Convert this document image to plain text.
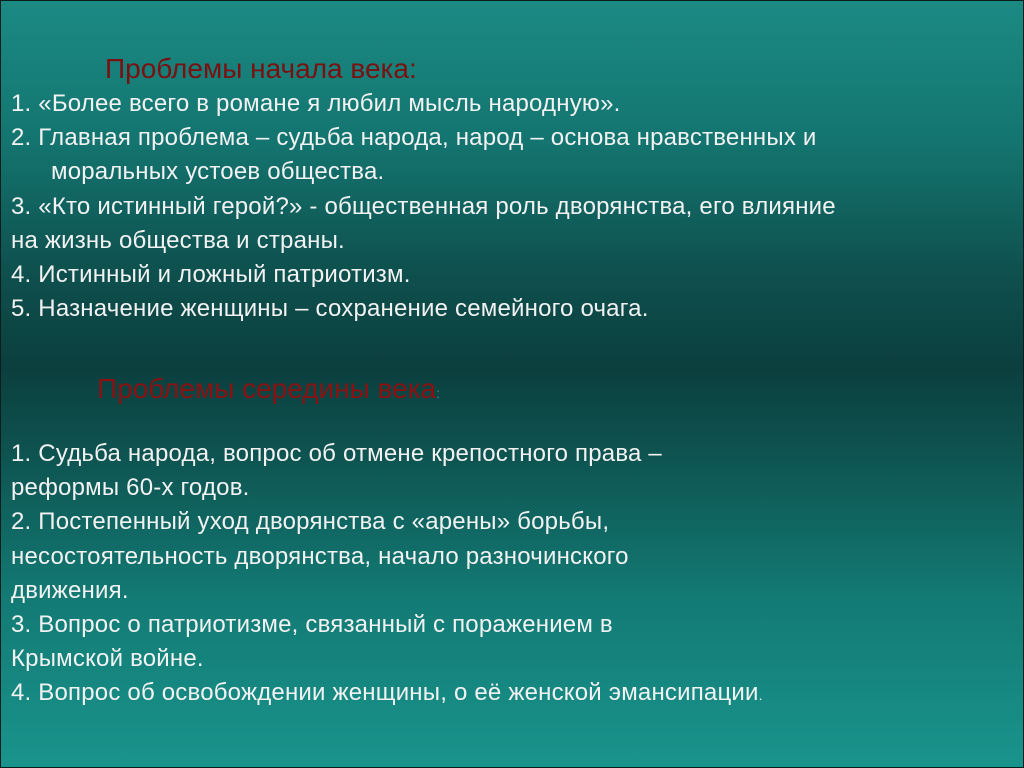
Проблемы начала века:
1. «Более всего в романе я любил мысль народную».
2. Главная проблема – судьба народа, народ – основа нравственных и
моральных устоев общества.
3. «Кто истинный герой?» - общественная роль дворянства, его влияние
на жизнь общества и страны.
4. Истинный и ложный патриотизм.
5. Назначение женщины – сохранение семейного очага.
Проблемы середины века:
1. Судьба народа, вопрос об отмене крепостного права –
реформы 60-х годов.
2. Постепенный уход дворянства с «арены» борьбы,
несостоятельность дворянства, начало разночинского
движения.
3. Вопрос о патриотизме, связанный с поражением в
Крымской войне.
4. Вопрос об освобождении женщины, о её женской эмансипации.
